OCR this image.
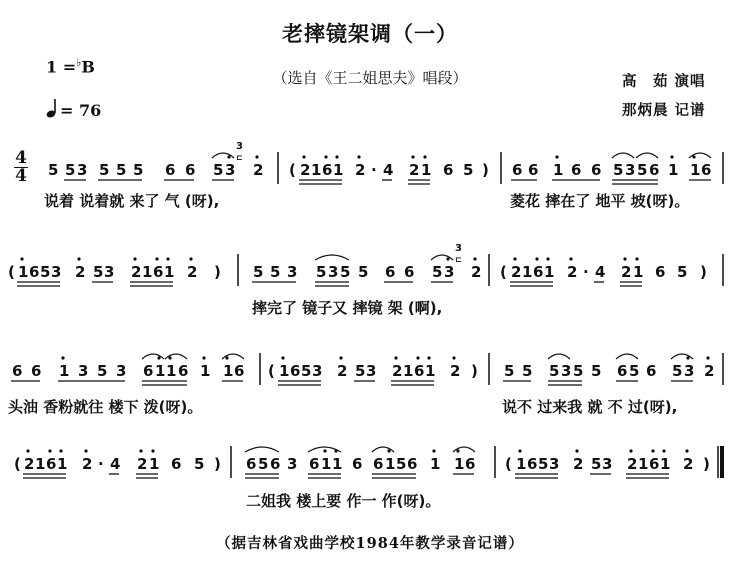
老摔镜架调（一）
（选自《王二姐思夫》唱段）
1 =♭B
= 76
高　茹 演唱
那炳晨 记谱
4
4 5 5 3 5 5 5 6 6 5 3 2 ( 2 1 6 1 2 · 4 2 1 6 5 ) 6 6 1 6 6 5 3 5 6 1 1 6
3
⊏
说着 说着就 来了 气 (呀),	菱花 摔在了 地平 坡(呀)。
( 1 6 5 3 2 5 3 2 1 6 1 2 ) 5 5 3 5 3 5 5 6 6 5 3 2 ( 2 1 6 1 2 · 4 2 1 6 5 )
3
⊏
摔完了 镜子又 摔镜 架 (啊),
6 6 1 3 5 3 6 1 1 6 1 1 6 ( 1 6 5 3 2 5 3 2 1 6 1 2 ) 5 5 5 3 5 5 6 5 6 5 3 2
头油 香粉就往 楼下 泼(呀)。	说不 过来我 就 不 过(呀),
( 2 1 6 1 2 · 4 2 1 6 5 ) 6 5 6 3 6 1 1 6 6 1 5 6 1 1 6 ( 1 6 5 3 2 5 3 2 1 6 1 2 )
二姐我 楼上要 作一 作(呀)。
（据吉林省戏曲学校1984年教学录音记谱）
